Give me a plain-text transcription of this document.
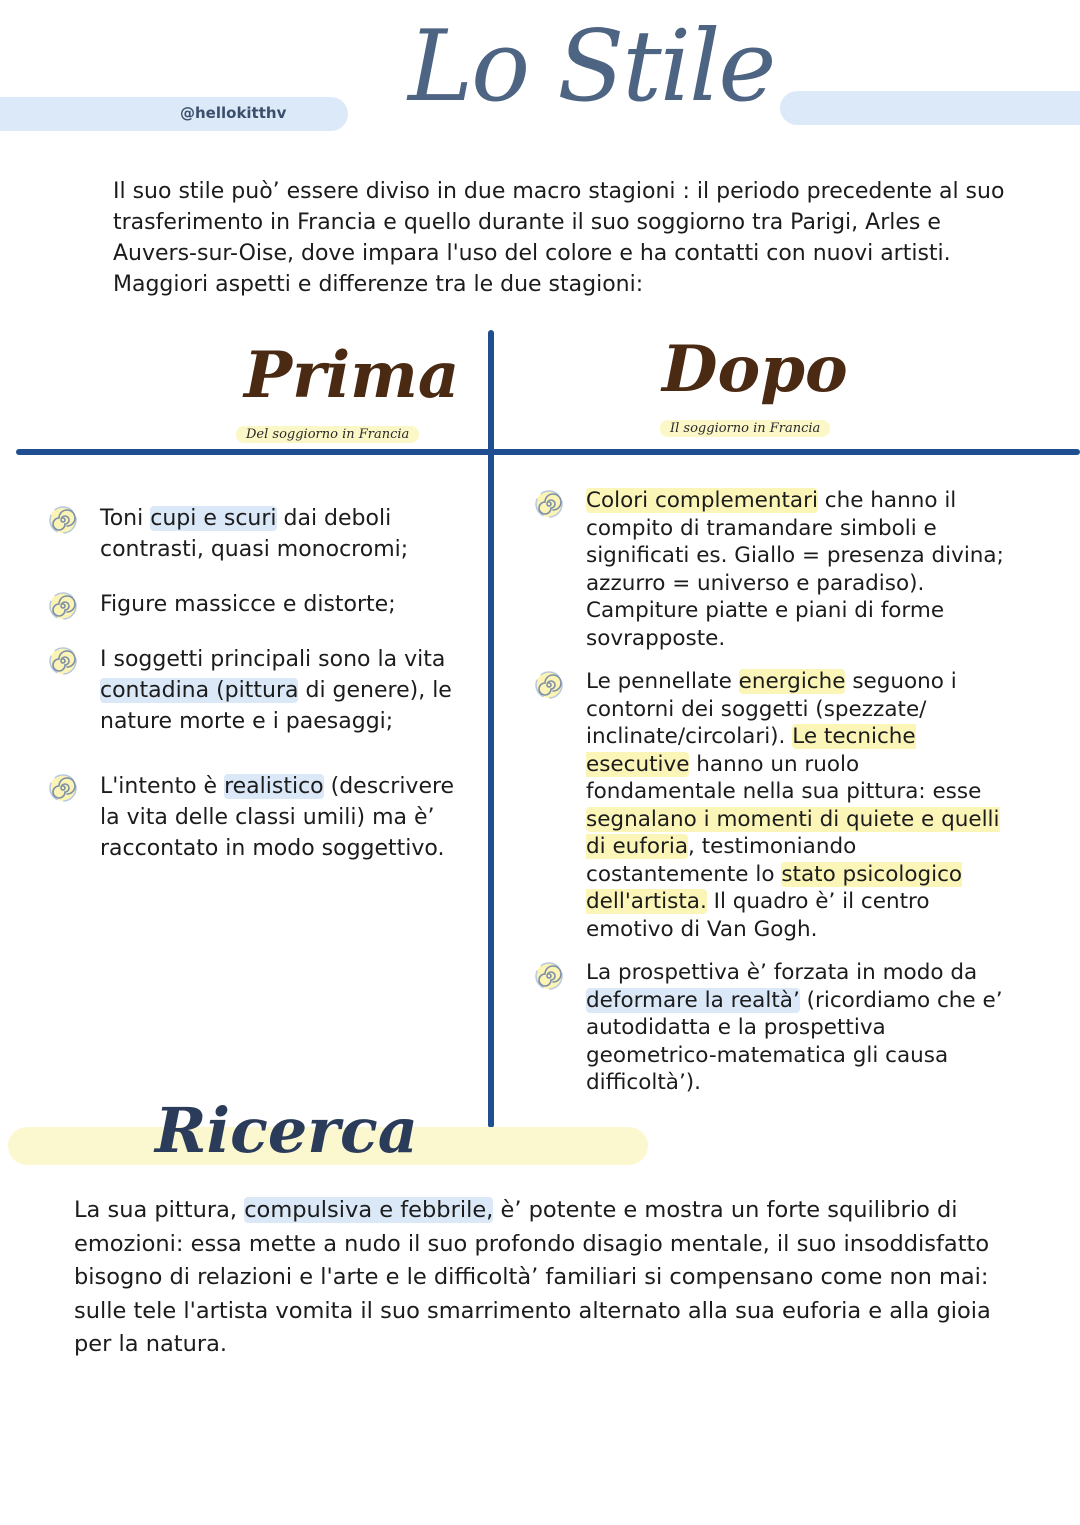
@hellokitthv Lo Stile
Il suo stile può’ essere diviso in due macro stagioni : il periodo precedente al suo trasferimento in Francia e quello durante il suo soggiorno tra Parigi, Arles e Auvers-sur-Oise, dove impara l'uso del colore e ha contatti con nuovi artisti.
Maggiori aspetti e differenze tra le due stagioni:
Prima
Del soggiorno in Francia
Dopo
Il soggiorno in Francia
Toni cupi e scuri dai deboli contrasti, quasi monocromi;
Figure massicce e distorte;
I soggetti principali sono la vita contadina (pittura di genere), le nature morte e i paesaggi;
L'intento è realistico (descrivere la vita delle classi umili) ma è’ raccontato in modo soggettivo.
Colori complementari che hanno il compito di tramandare simboli e significati es. Giallo = presenza divina; azzurro = universo e paradiso). Campiture piatte e piani di forme sovrapposte.
Le pennellate energiche seguono i contorni dei soggetti (spezzate/ inclinate/circolari). Le tecniche esecutive hanno un ruolo fondamentale nella sua pittura: esse segnalano i momenti di quiete e quelli di euforia, testimoniando costantemente lo stato psicologico dell'artista. Il quadro è’ il centro emotivo di Van Gogh.
La prospettiva è’ forzata in modo da deformare la realtà’ (ricordiamo che e’ autodidatta e la prospettiva geometrico-matematica gli causa difficoltà’).
Ricerca
La sua pittura, compulsiva e febbrile, è’ potente e mostra un forte squilibrio di emozioni: essa mette a nudo il suo profondo disagio mentale, il suo insoddisfatto bisogno di relazioni e l'arte e le difficoltà’ familiari si compensano come non mai: sulle tele l'artista vomita il suo smarrimento alternato alla sua euforia e alla gioia per la natura.
